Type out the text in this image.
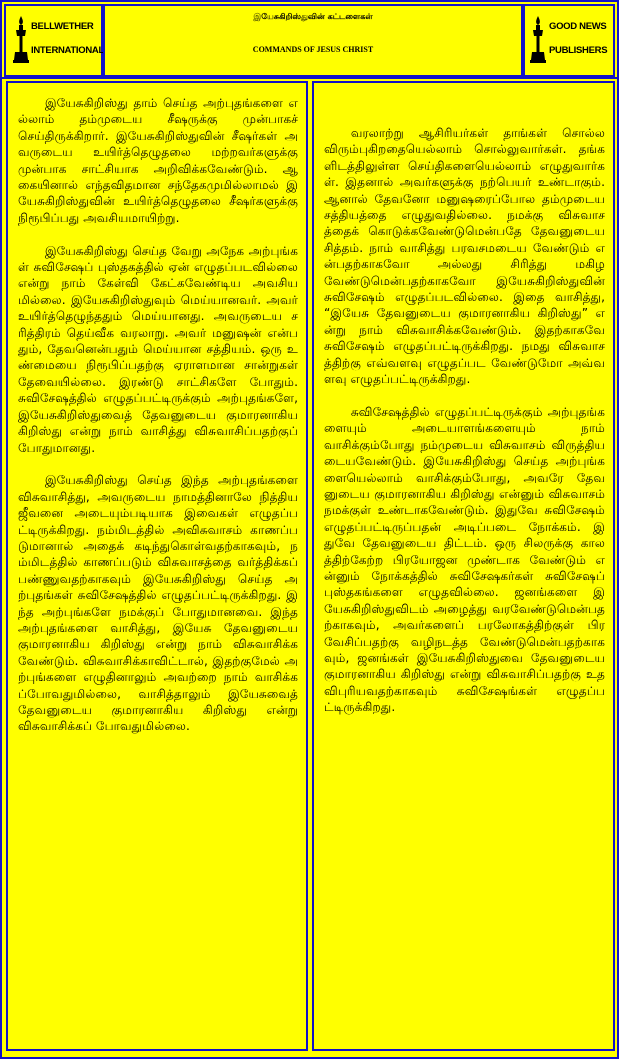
BELLWETHER
INTERNATIONAL
இயேசுகிறிஸ்துவின் கட்டளைகள்
COMMANDS OF JESUS CHRIST
GOOD NEWS
PUBLISHERS

இயேசுகிறிஸ்து தாம் செய்த அற்புதங்களை எல்லாம் தம்முடைய சீஷருக்கு முன்பாகச் செய்திருக்கிறார். இயேசுகிறிஸ்துவின் சீஷர்கள் அவருடைய உயிர்த்தெழுதலை மற்றவர்களுக்கு முன்பாக சாட்சியாக அறிவிக்கவேண்டும். ஆகையினால் எந்தவிதமான சந்தேகமுமில்லாமல் இயேசுகிறிஸ்துவின் உயிர்த்தெழுதலை சீஷர்களுக்கு நிரூபிப்பது அவசியமாயிற்று.

இயேசுகிறிஸ்து செய்த வேறு அநேக அற்புங்கள் சுவிசேஷப் புஸ்தகத்தில் ஏன் எழுதப்படவில்லை என்று நாம் கேள்வி கேட்கவேண்டிய அவசியமில்லை. இயேசுகிறிஸ்துவும் மெய்யானவர். அவர் உயிர்த்தெழுந்ததும் மெய்யானது. அவருடைய சரித்திரம் தெய்வீக வரலாறு. அவர் மனுஷன் என்பதும், தேவனென்பதும் மெய்யான சத்தியம். ஒரு உண்மையை நிரூபிப்பதற்கு ஏராளமான சான்றுகள் தேவையில்லை. இரண்டு சாட்சிகளே போதும். சுவிசேஷத்தில் எழுதப்பட்டிருக்கும் அற்புதங்களே, இயேசுகிறிஸ்துவைத் தேவனுடைய குமாரனாகிய கிறிஸ்து என்று நாம் வாசித்து விசுவாசிப்பதற்குப் போதுமானது.

இயேசுகிறிஸ்து செய்த இந்த அற்புதங்களை விசுவாசித்து, அவருடைய நாமத்தினாலே நித்திய ஜீவனை அடையும்படியாக இவைகள் எழுதப்பட்டிருக்கிறது. நம்மிடத்தில் அவிசுவாசம் காணப்படுமானால் அதைக் கடிந்துகொள்வதற்காகவும், நம்மிடத்தில் காணப்படும் விசுவாசத்தை வர்த்திக்கப் பண்ணுவதற்காகவும் இயேசுகிறிஸ்து செய்த அற்புதங்கள் சுவிசேஷத்தில் எழுதப்பட்டிருக்கிறது. இந்த அற்புங்களே நமக்குப் போதுமானவை. இந்த அற்புதங்களை வாசித்து, இயேசு தேவனுடைய குமாரனாகிய கிறிஸ்து என்று நாம் விசுவாசிக்க வேண்டும். விசுவாசிக்காவிட்டால், இதற்குமேல் அற்புங்களை எழுதினாலும் அவற்றை நாம் வாசிக்கப்போவதுமில்லை, வாசித்தாலும் இயேசுவைத் தேவனுடைய குமாரனாகிய கிறிஸ்து என்று விசுவாசிக்கப் போவதுமில்லை.

வரலாற்று ஆசிரியர்கள் தாங்கள் சொல்ல விரும்புகிறதையெல்லாம் சொல்லுவார்கள். தங்களிடத்திலுள்ள செய்திகளையெல்லாம் எழுதுவார்கள். இதனால் அவர்களுக்கு நற்பெயர் உண்டாகும். ஆனால் தேவனோ மனுஷரைப்போல தம்முடைய சத்தியத்தை எழுதுவதில்லை. நமக்கு விசுவாசத்தைக் கொடுக்கவேண்டுமென்பதே தேவனுடைய சித்தம். நாம் வாசித்து பரவசமடைய வேண்டும் என்பதற்காகவோ அல்லது சிரித்து மகிழவேண்டுமென்பதற்காகவோ இயேசுகிறிஸ்துவின் சுவிசேஷம் எழுதப்படவில்லை. இதை வாசித்து, “இயேசு தேவனுடைய குமாரனாகிய கிறிஸ்து” என்று நாம் விசுவாசிக்கவேண்டும். இதற்காகவே சுவிசேஷம் எழுதப்பட்டிருக்கிறது. நமது விசுவாசத்திற்கு எவ்வளவு எழுதப்பட வேண்டுமோ அவ்வளவு எழுதப்பட்டிருக்கிறது.

சுவிசேஷத்தில் எழுதப்பட்டிருக்கும் அற்புதங்களையும் அடையாளங்களையும் நாம் வாசிக்கும்போது நம்முடைய விசுவாசம் விருத்தியடையவேண்டும். இயேசுகிறிஸ்து செய்த அற்புங்களையெல்லாம் வாசிக்கும்போது, அவரே தேவனுடைய குமாரனாகிய கிறிஸ்து என்னும் விசுவாசம் நமக்குள் உண்டாகவேண்டும். இதுவே சுவிசேஷம் எழுதப்பட்டிருப்பதன் அடிப்படை நோக்கம். இதுவே தேவனுடைய திட்டம். ஒரு சிலருக்கு காலத்திற்கேற்ற பிரயோஜன முண்டாக வேண்டும் என்னும் நோக்கத்தில் சுவிசேஷகர்கள் சுவிசேஷப் புஸ்தகங்களை எழுதவில்லை. ஜனங்களை இயேசுகிறிஸ்துவிடம் அழைத்து வரவேண்டுமென்பதற்காகவும், அவர்களைப் பரலோகத்திற்குள் பிரவேசிப்பதற்கு வழிநடத்த வேண்டுமென்பதற்காகவும், ஜனங்கள் இயேசுகிறிஸ்துவை தேவனுடைய குமாரனாகிய கிறிஸ்து என்று விசுவாசிப்பதற்கு உதவிபுரியவதற்காகவும் சுவிசேஷங்கள் எழுதப்பட்டிருக்கிறது.
